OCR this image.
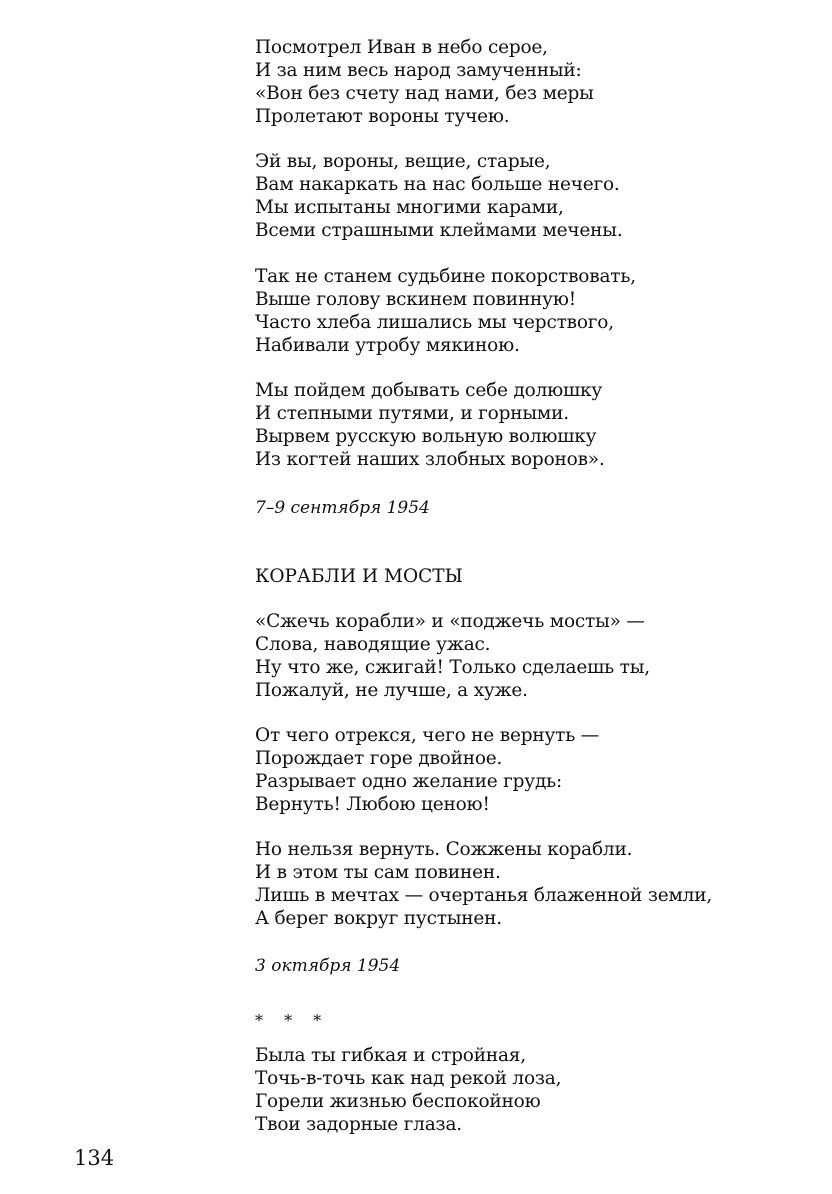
Посмотрел Иван в небо серое,
И за ним весь народ замученный:
«Вон без счету над нами, без меры
Пролетают вороны тучею.
Эй вы, вороны, вещие, старые,
Вам накаркать на нас больше нечего.
Мы испытаны многими карами,
Всеми страшными клеймами мечены.
Так не станем судьбине покорствовать,
Выше голову вскинем повинную!
Часто хлеба лишались мы черствого,
Набивали утробу мякиною.
Мы пойдем добывать себе долюшку
И степными путями, и горными.
Вырвем русскую вольную волюшку
Из когтей наших злобных воронов».
7–9 сентября 1954
КОРАБЛИ И МОСТЫ
«Сжечь корабли» и «поджечь мосты» —
Слова, наводящие ужас.
Ну что же, сжигай! Только сделаешь ты,
Пожалуй, не лучше, а хуже.
От чего отрекся, чего не вернуть —
Порождает горе двойное.
Разрывает одно желание грудь:
Вернуть! Любою ценою!
Но нельзя вернуть. Сожжены корабли.
И в этом ты сам повинен.
Лишь в мечтах — очертанья блаженной земли,
А берег вокруг пустынен.
3 октября 1954
* * *
Была ты гибкая и стройная,
Точь-в-точь как над рекой лоза,
Горели жизнью беспокойною
Твои задорные глаза.
134
